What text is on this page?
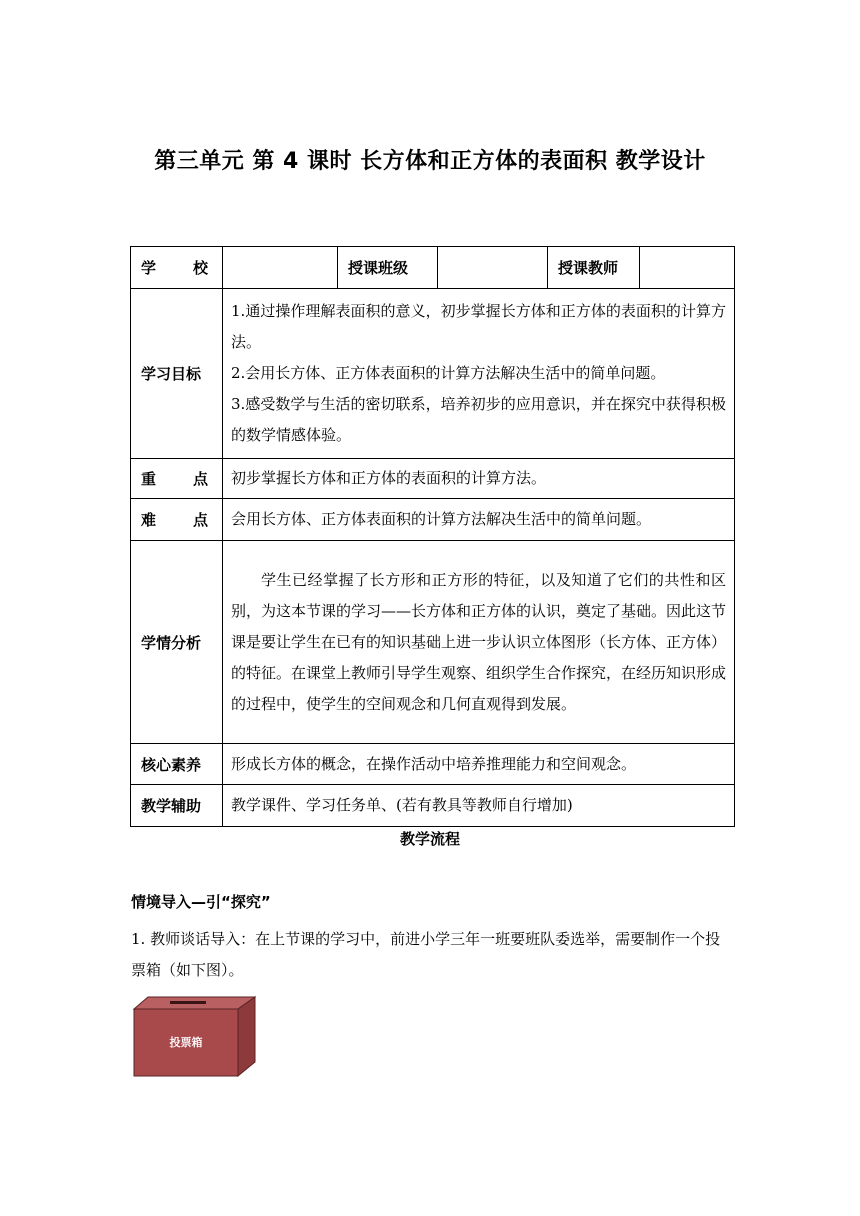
第三单元 第 4 课时 长方体和正方体的表面积 教学设计
学 校		授课班级		授课教师	
学习目标	1.通过操作理解表面积的意义，初步掌握长方体和正方体的表面积的计算方法。
2.会用长方体、正方体表面积的计算方法解决生活中的简单问题。
3.感受数学与生活的密切联系，培养初步的应用意识，并在探究中获得积极的数学情感体验。				

重 点	初步掌握长方体和正方体的表面积的计算方法。				
难 点	会用长方体、正方体表面积的计算方法解决生活中的简单问题。				
学情分析	学生已经掌握了长方形和正方形的特征，以及知道了它们的共性和区别，为这本节课的学习——长方体和正方体的认识，奠定了基础。因此这节课是要让学生在已有的知识基础上进一步认识立体图形（长方体、正方体）的特征。在课堂上教师引导学生观察、组织学生合作探究，在经历知识形成的过程中，使学生的空间观念和几何直观得到发展。				
核心素养	形成长方体的概念，在操作活动中培养推理能力和空间观念。				
教学辅助	教学课件、学习任务单、(若有教具等教师自行增加)				
教学流程
情境导入—引“探究”
1. 教师谈话导入：在上节课的学习中，前进小学三年一班要班队委选举，需要制作一个投票箱（如下图）。
投票箱
